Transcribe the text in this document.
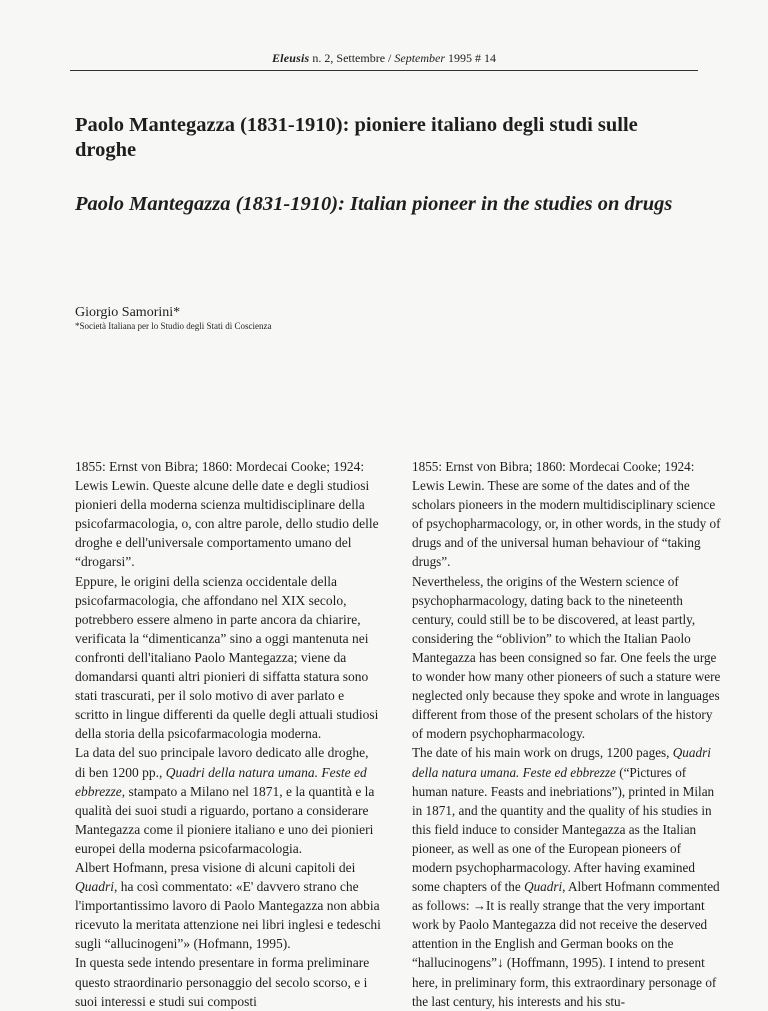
Eleusis n. 2, Settembre / September 1995 # 14
Paolo Mantegazza (1831-1910): pioniere italiano degli studi sulle droghe
Paolo Mantegazza (1831-1910): Italian pioneer in the studies on drugs
Giorgio Samorini*
*Società Italiana per lo Studio degli Stati di Coscienza

1855: Ernst von Bibra; 1860: Mordecai Cooke; 1924: Lewis Lewin. Queste alcune delle date e degli studiosi pionieri della moderna scienza multidisciplinare della psicofarmacologia, o, con altre parole, dello studio delle droghe e dell'universale comportamento umano del “drogarsi”.

Eppure, le origini della scienza occidentale della psicofarmacologia, che affondano nel XIX secolo, potrebbero essere almeno in parte ancora da chiarire, verificata la “dimenticanza” sino a oggi mantenuta nei confronti dell'italiano Paolo Mantegazza; viene da domandarsi quanti altri pionieri di siffatta statura sono stati trascurati, per il solo motivo di aver parlato e scritto in lingue differenti da quelle degli attuali studiosi della storia della psicofarmacologia moderna.

La data del suo principale lavoro dedicato alle droghe, di ben 1200 pp., Quadri della natura umana. Feste ed ebbrezze, stampato a Milano nel 1871, e la quantità e la qualità dei suoi studi a riguardo, portano a considerare Mantegazza come il pioniere italiano e uno dei pionieri europei della moderna psicofarmacologia.

Albert Hofmann, presa visione di alcuni capitoli dei Quadri, ha così commentato: «E' davvero strano che l'importantissimo lavoro di Paolo Mantegazza non abbia ricevuto la meritata attenzione nei libri inglesi e tedeschi sugli “allucinogeni”» (Hofmann, 1995).

In questa sede intendo presentare in forma preliminare questo straordinario personaggio del secolo scorso, e i suoi interessi e studi sui composti

1855: Ernst von Bibra; 1860: Mordecai Cooke; 1924: Lewis Lewin. These are some of the dates and of the scholars pioneers in the modern multidisciplinary science of psychopharmacology, or, in other words, in the study of drugs and of the universal human behaviour of “taking drugs”.

Nevertheless, the origins of the Western science of psychopharmacology, dating back to the nineteenth century, could still be to be discovered, at least partly, considering the “oblivion” to which the Italian Paolo Mantegazza has been consigned so far. One feels the urge to wonder how many other pioneers of such a stature were neglected only because they spoke and wrote in languages different from those of the present scholars of the history of modern psychopharmacology.

The date of his main work on drugs, 1200 pages, Quadri della natura umana. Feste ed ebbrezze (“Pictures of human nature. Feasts and inebriations”), printed in Milan in 1871, and the quantity and the quality of his studies in this field induce to consider Mantegazza as the Italian pioneer, as well as one of the European pioneers of modern psychopharmacology. After having examined some chapters of the Quadri, Albert Hofmann commented as follows: →It is really strange that the very important work by Paolo Mantegazza did not receive the deserved attention in the English and German books on the “hallucinogens”↓ (Hoffmann, 1995). I intend to present here, in preliminary form, this extraordinary personage of the last century, his interests and his stu-
